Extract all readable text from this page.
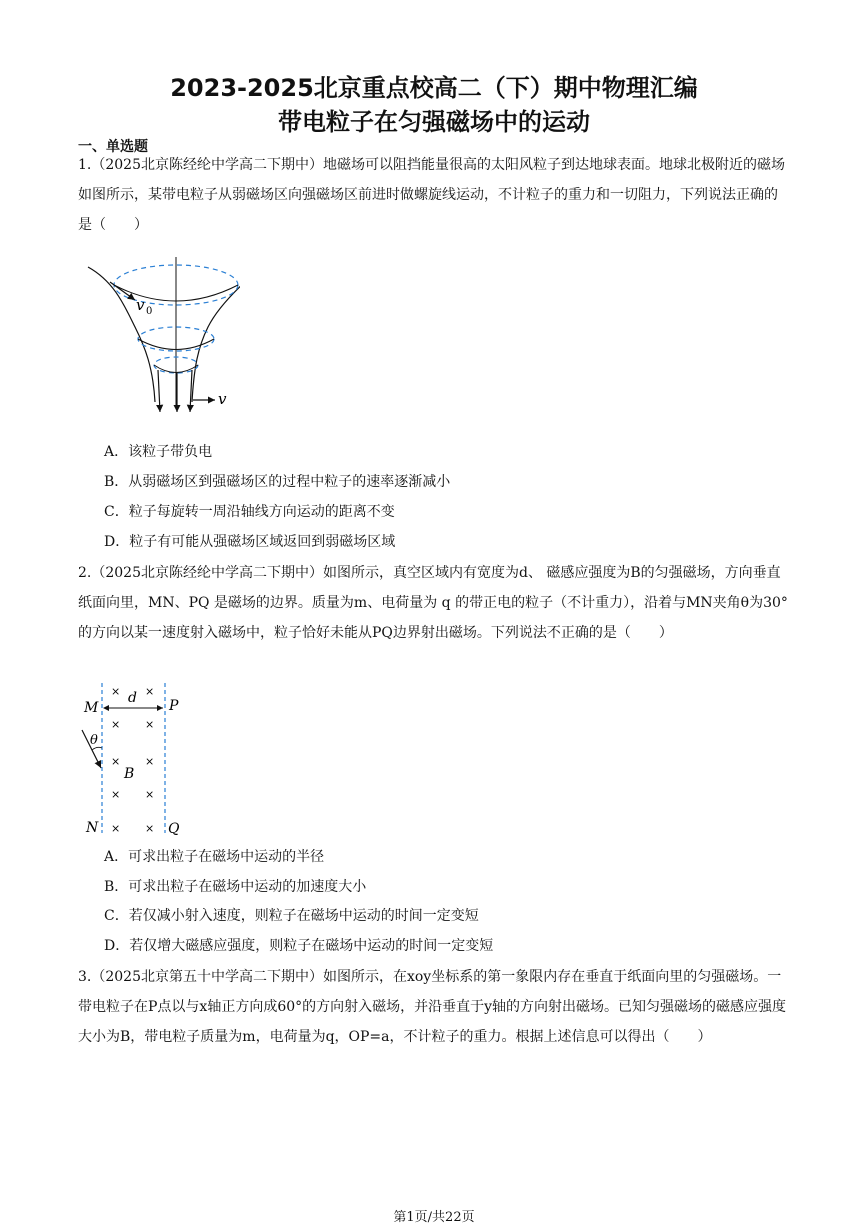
2023-2025北京重点校高二（下）期中物理汇编
带电粒子在匀强磁场中的运动
一、单选题
1.（2025北京陈经纶中学高二下期中）地磁场可以阻挡能量很高的太阳风粒子到达地球表面。地球北极附近的磁场如图所示，某带电粒子从弱磁场区向强磁场区前进时做螺旋线运动，不计粒子的重力和一切阻力，下列说法正确的是（　　）
v 0
v
A．该粒子带负电
B．从弱磁场区到强磁场区的过程中粒子的速率逐渐减小
C．粒子每旋转一周沿轴线方向运动的距离不变
D．粒子有可能从强磁场区域返回到弱磁场区域
2.（2025北京陈经纶中学高二下期中）如图所示，真空区域内有宽度为d、 磁感应强度为B的匀强磁场，方向垂直纸面向里，MN、PQ 是磁场的边界。质量为m、电荷量为 q 的带正电的粒子（不计重力），沿着与MN夹角θ为30°的方向以某一速度射入磁场中，粒子恰好未能从PQ边界射出磁场。下列说法不正确的是（　　）
M
N
P
Q
d
B
θ
× ×
× ×
× ×
× ×
× ×
A．可求出粒子在磁场中运动的半径
B．可求出粒子在磁场中运动的加速度大小
C．若仅减小射入速度，则粒子在磁场中运动的时间一定变短
D．若仅增大磁感应强度，则粒子在磁场中运动的时间一定变短
3.（2025北京第五十中学高二下期中）如图所示，在xoy坐标系的第一象限内存在垂直于纸面向里的匀强磁场。一带电粒子在P点以与x轴正方向成60°的方向射入磁场，并沿垂直于y轴的方向射出磁场。已知匀强磁场的磁感应强度大小为B，带电粒子质量为m，电荷量为q，OP=a，不计粒子的重力。根据上述信息可以得出（　　）
第1页/共22页
